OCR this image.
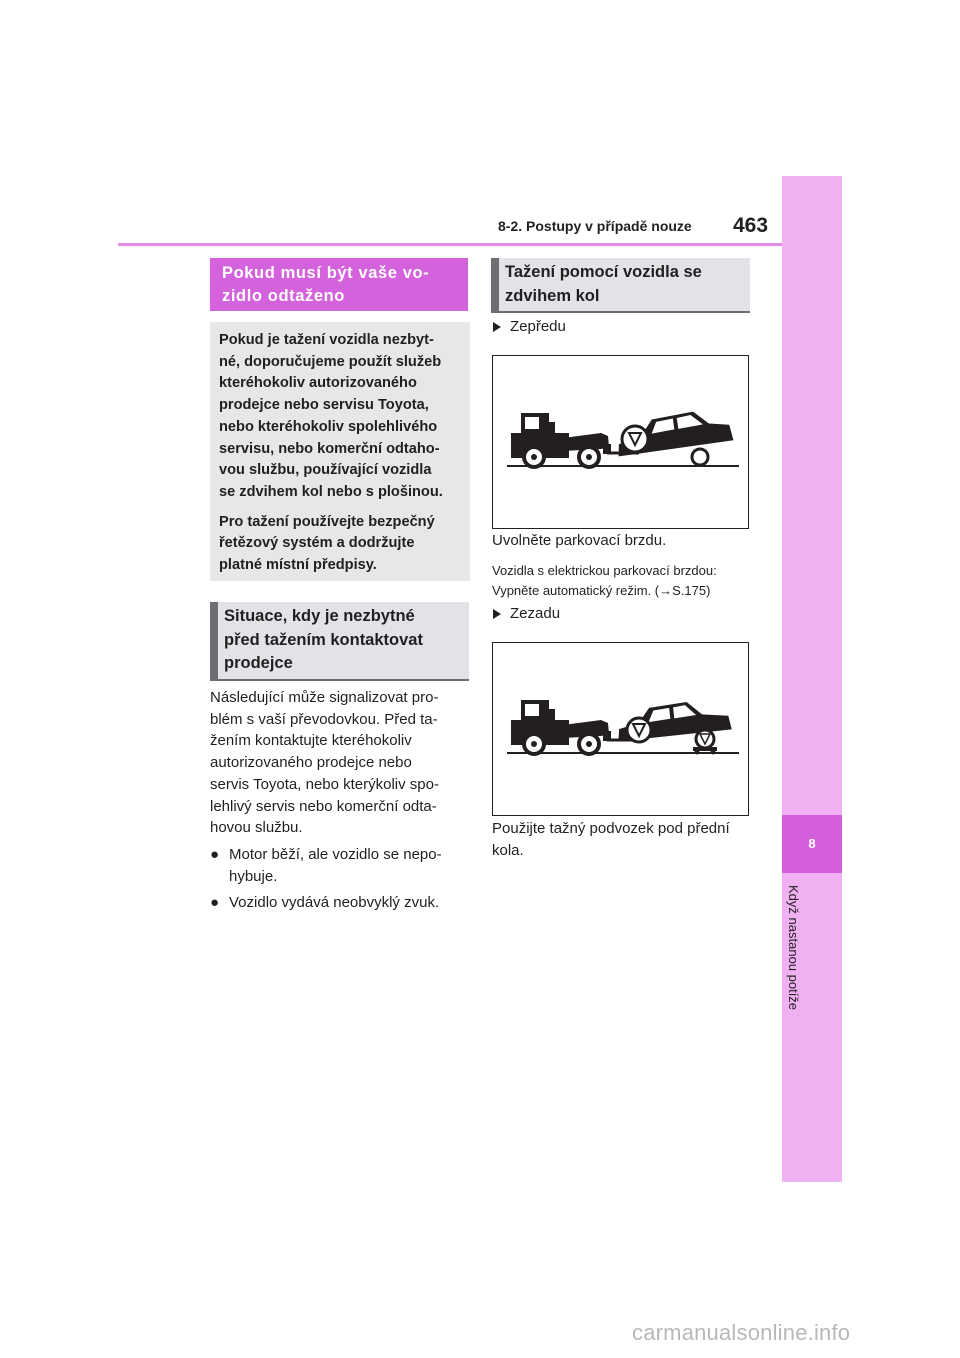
8-2. Postupy v případě nouze 463
8
Když nastanou potíže
Pokud musí být vaše vo-
zidlo odtaženo

Pokud je tažení vozidla nezbyt-
né, doporučujeme použít služeb
kteréhokoliv autorizovaného
prodejce nebo servisu Toyota,
nebo kteréhokoliv spolehlivého
servisu, nebo komerční odtaho-
vou službu, používající vozidla
se zdvihem kol nebo s plošinou.

Pro tažení používejte bezpečný
řetězový systém a dodržujte
platné místní předpisy.

Situace, kdy je nezbytné
před tažením kontaktovat
prodejce
Následující může signalizovat pro-
blém s vaší převodovkou. Před ta-
žením kontaktujte kteréhokoliv
autorizovaného prodejce nebo
servis Toyota, nebo kterýkoliv spo-
lehlivý servis nebo komerční odta-
hovou službu.
● Motor běží, ale vozidlo se nepo-
hybuje.
● Vozidlo vydává neobvyklý zvuk.
Tažení pomocí vozidla se
zdvihem kol
Zepředu
Uvolněte parkovací brzdu.
Vozidla s elektrickou parkovací brzdou:
Vypněte automatický režim. (→S.175)
Zezadu
Použijte tažný podvozek pod přední
kola.
carmanualsonline.info
